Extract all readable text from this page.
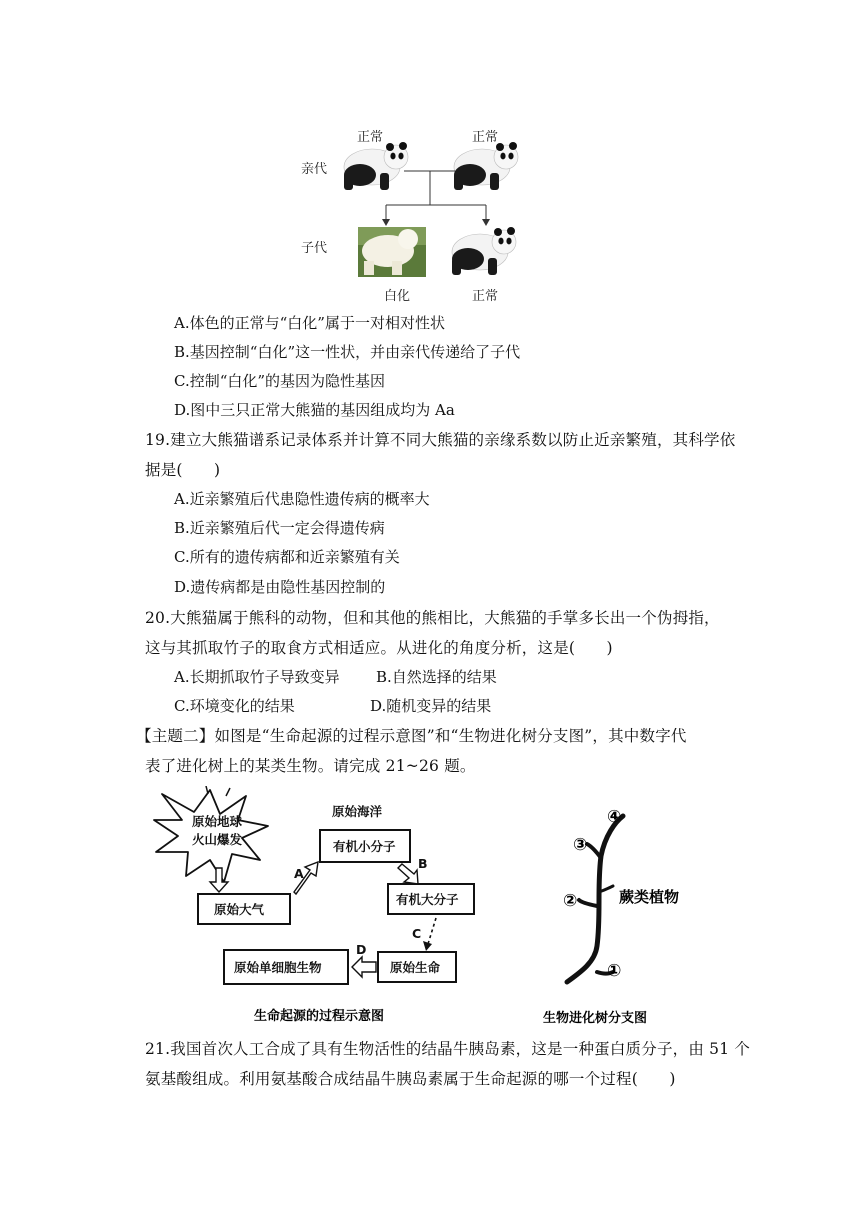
正常	正常
亲代
子代
白化	正常
A.体色的正常与“白化”属于一对相对性状
B.基因控制“白化”这一性状，并由亲代传递给了子代
C.控制“白化”的基因为隐性基因
D.图中三只正常大熊猫的基因组成均为 Aa
19.建立大熊猫谱系记录体系并计算不同大熊猫的亲缘系数以防止近亲繁殖，其科学依
据是(　　)
A.近亲繁殖后代患隐性遗传病的概率大
B.近亲繁殖后代一定会得遗传病
C.所有的遗传病都和近亲繁殖有关
D.遗传病都是由隐性基因控制的
20.大熊猫属于熊科的动物，但和其他的熊相比，大熊猫的手掌多长出一个伪拇指，
这与其抓取竹子的取食方式相适应。从进化的角度分析，这是(　　)
A.长期抓取竹子导致变异 B.自然选择的结果
C.环境变化的结果	D.随机变异的结果
【主题二】如图是“生命起源的过程示意图”和“生物进化树分支图”，其中数字代
表了进化树上的某类生物。请完成 21~26 题。
原始地球
火山爆发
原始海洋
有机小分子
原始大气
有机大分子
原始生命
原始单细胞生物
A
B
C
D
生命起源的过程示意图
④
③
②
①
蕨类植物
生物进化树分支图
21.我国首次人工合成了具有生物活性的结晶牛胰岛素，这是一种蛋白质分子，由 51 个
氨基酸组成。利用氨基酸合成结晶牛胰岛素属于生命起源的哪一个过程(　　)
